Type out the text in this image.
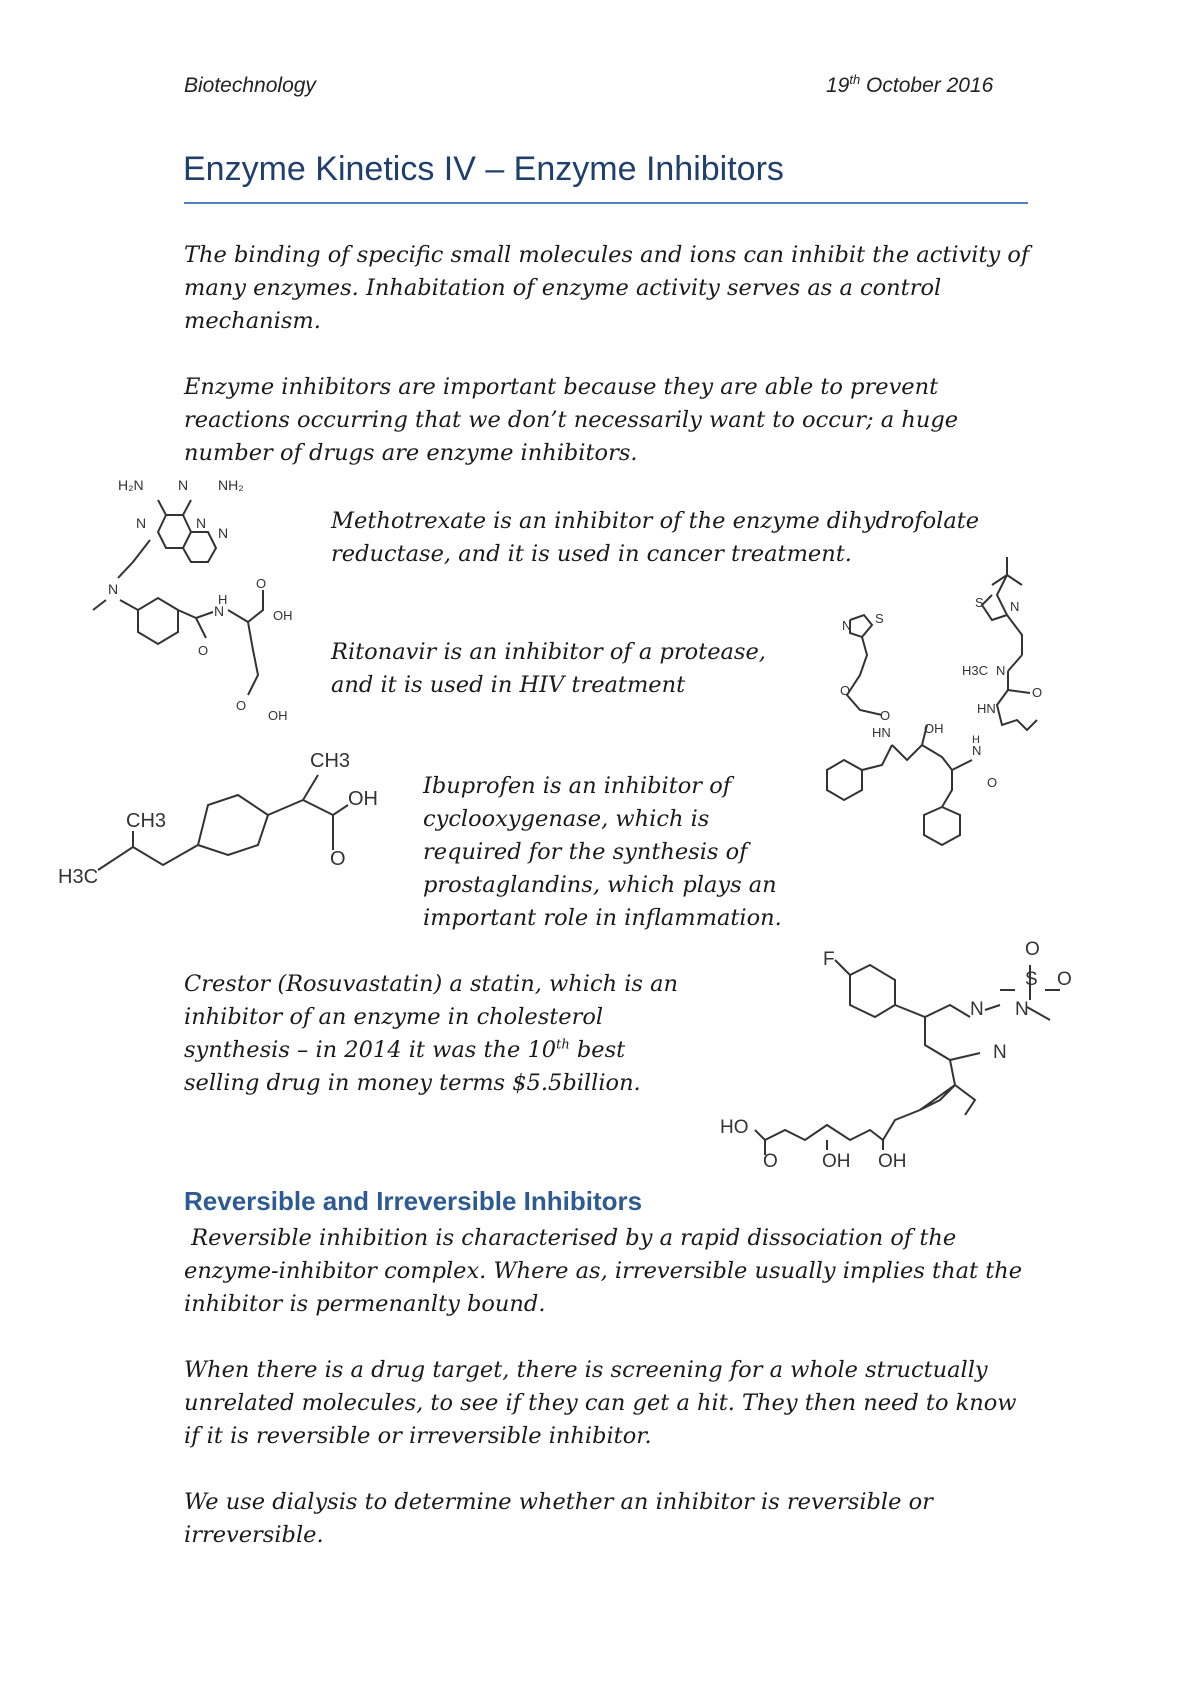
Biotechnology	19th October 2016
Enzyme Kinetics IV – Enzyme Inhibitors
The binding of specific small molecules and ions can inhibit the activity of many enzymes. Inhabitation of enzyme activity serves as a control mechanism.
Enzyme inhibitors are important because they are able to prevent reactions occurring that we don’t necessarily want to occur; a huge number of drugs are enzyme inhibitors.
H₂N N NH₂
N	N
N
N
H
N
O
OH
O
O
OH
Methotrexate is an inhibitor of the enzyme dihydrofolate reductase, and it is used in cancer treatment.
Ritonavir is an inhibitor of a protease, and it is used in HIV treatment
S N
H3C N
O
HN
N S
O
O
HN	OH
N
H
O
CH3
CH3
OH
O
H3C
Ibuprofen is an inhibitor of cyclooxygenase, which is required for the synthesis of prostaglandins, which plays an important role in inflammation.
Crestor (Rosuvastatin) a statin, which is an inhibitor of an enzyme in cholesterol synthesis – in 2014 it was the 10th best selling drug in money terms $5.5billion.
F	O
S O
N
N
N
HO
O OH OH
Reversible and Irreversible Inhibitors
Reversible inhibition is characterised by a rapid dissociation of the enzyme-inhibitor complex. Where as, irreversible usually implies that the inhibitor is permenanlty bound.
When there is a drug target, there is screening for a whole structually unrelated molecules, to see if they can get a hit. They then need to know if it is reversible or irreversible inhibitor.
We use dialysis to determine whether an inhibitor is reversible or irreversible.
